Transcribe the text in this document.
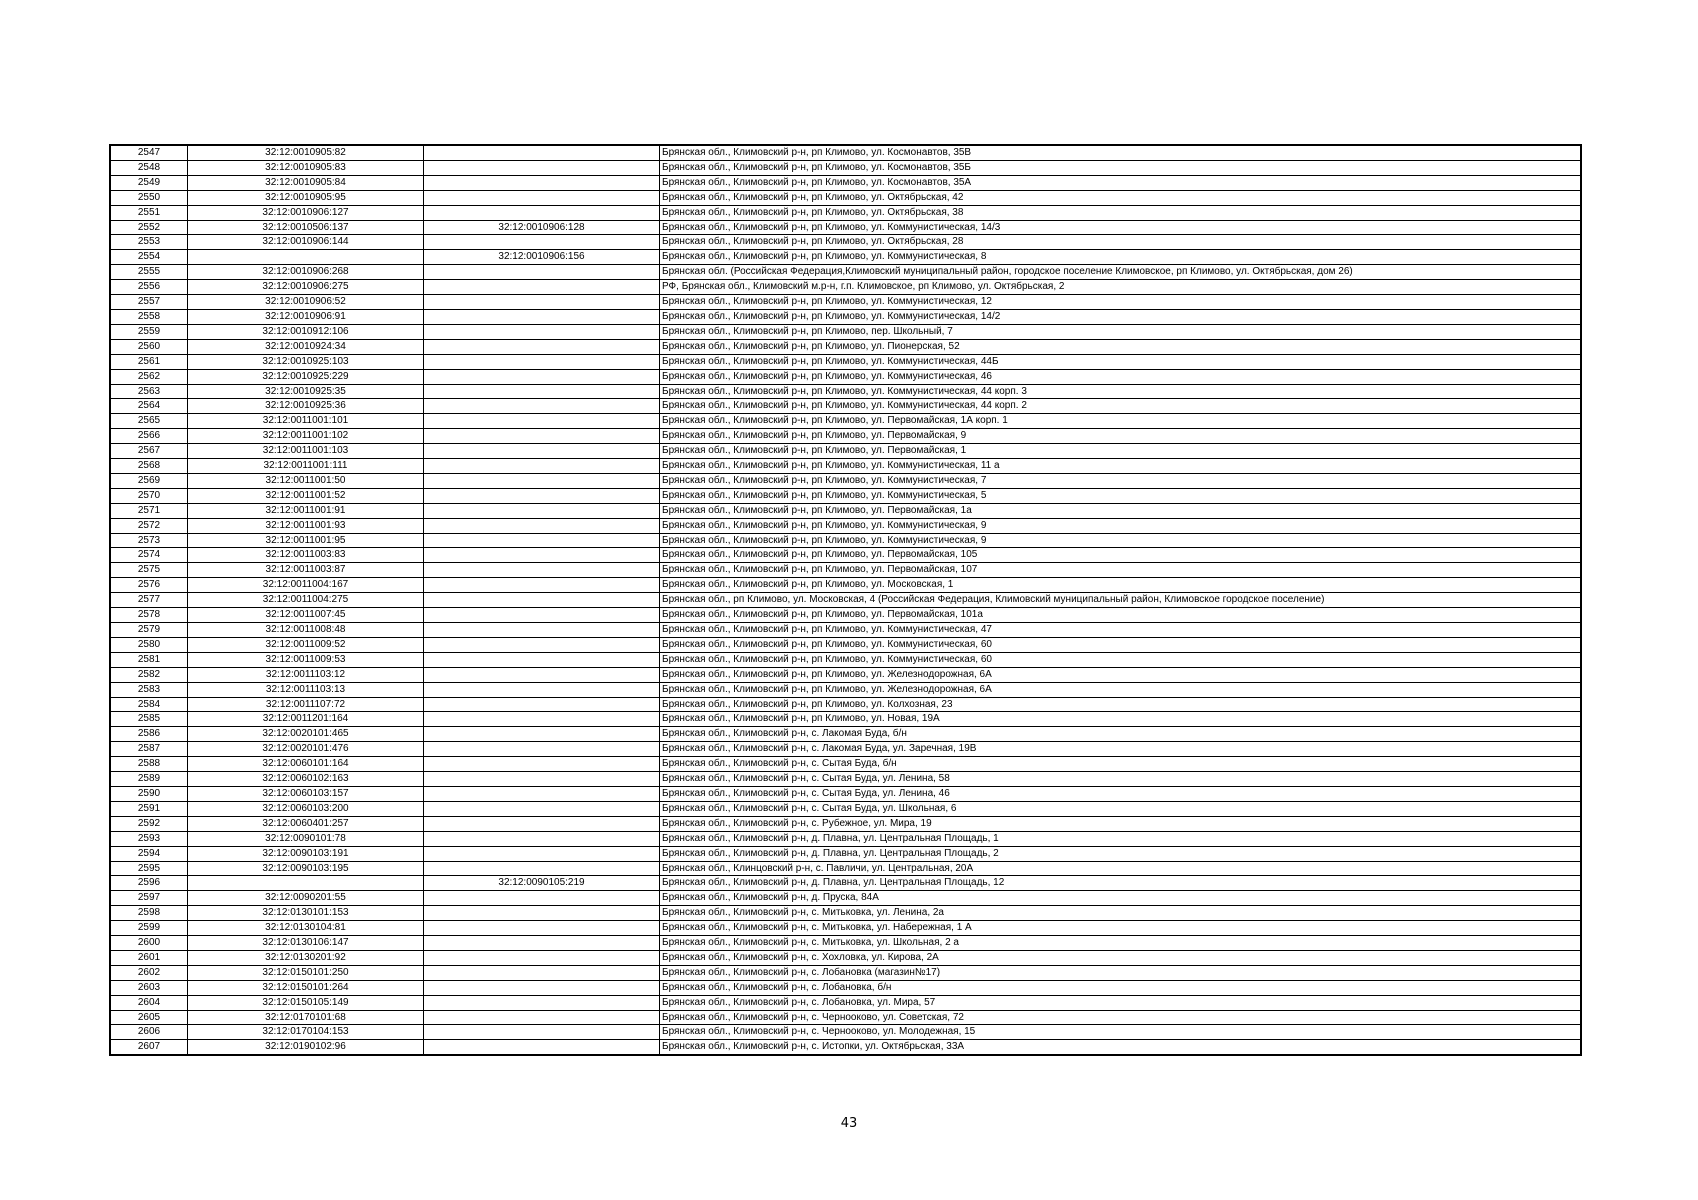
2547	32:12:0010905:82		Брянская обл., Климовский р-н, рп Климово, ул. Космонавтов, 35В
2548	32:12:0010905:83		Брянская обл., Климовский р-н, рп Климово, ул. Космонавтов, 35Б
2549	32:12:0010905:84		Брянская обл., Климовский р-н, рп Климово, ул. Космонавтов, 35А
2550	32:12:0010905:95		Брянская обл., Климовский р-н, рп Климово, ул. Октябрьская, 42
2551	32:12:0010906:127		Брянская обл., Климовский р-н, рп Климово, ул. Октябрьская, 38
2552	32:12:0010506:137	32:12:0010906:128	Брянская обл., Климовский р-н, рп Климово, ул. Коммунистическая, 14/3
2553	32:12:0010906:144		Брянская обл., Климовский р-н, рп Климово, ул. Октябрьская, 28
2554		32:12:0010906:156	Брянская обл., Климовский р-н, рп Климово, ул. Коммунистическая, 8
2555	32:12:0010906:268		Брянская обл. (Российская Федерация,Климовский муниципальный район, городское поселение Климовское, рп Климово, ул. Октябрьская, дом 26)
2556	32:12:0010906:275		РФ, Брянская обл., Климовский м.р-н, г.п. Климовское, рп Климово, ул. Октябрьская, 2
2557	32:12:0010906:52		Брянская обл., Климовский р-н, рп Климово, ул. Коммунистическая, 12
2558	32:12:0010906:91		Брянская обл., Климовский р-н, рп Климово, ул. Коммунистическая, 14/2
2559	32:12:0010912:106		Брянская обл., Климовский р-н, рп Климово, пер. Школьный, 7
2560	32:12:0010924:34		Брянская обл., Климовский р-н, рп Климово, ул. Пионерская, 52
2561	32:12:0010925:103		Брянская обл., Климовский р-н, рп Климово, ул. Коммунистическая, 44Б
2562	32:12:0010925:229		Брянская обл., Климовский р-н, рп Климово, ул. Коммунистическая, 46
2563	32:12:0010925:35		Брянская обл., Климовский р-н, рп Климово, ул. Коммунистическая, 44 корп. 3
2564	32:12:0010925:36		Брянская обл., Климовский р-н, рп Климово, ул. Коммунистическая, 44 корп. 2
2565	32:12:0011001:101		Брянская обл., Климовский р-н, рп Климово, ул. Первомайская, 1А корп. 1
2566	32:12:0011001:102		Брянская обл., Климовский р-н, рп Климово, ул. Первомайская, 9
2567	32:12:0011001:103		Брянская обл., Климовский р-н, рп Климово, ул. Первомайская, 1
2568	32:12:0011001:111		Брянская обл., Климовский р-н, рп Климово, ул. Коммунистическая, 11 а
2569	32:12:0011001:50		Брянская обл., Климовский р-н, рп Климово, ул. Коммунистическая, 7
2570	32:12:0011001:52		Брянская обл., Климовский р-н, рп Климово, ул. Коммунистическая, 5
2571	32:12:0011001:91		Брянская обл., Климовский р-н, рп Климово, ул. Первомайская, 1а
2572	32:12:0011001:93		Брянская обл., Климовский р-н, рп Климово, ул. Коммунистическая, 9
2573	32:12:0011001:95		Брянская обл., Климовский р-н, рп Климово, ул. Коммунистическая, 9
2574	32:12:0011003:83		Брянская обл., Климовский р-н, рп Климово, ул. Первомайская, 105
2575	32:12:0011003:87		Брянская обл., Климовский р-н, рп Климово, ул. Первомайская, 107
2576	32:12:0011004:167		Брянская обл., Климовский р-н, рп Климово, ул. Московская, 1
2577	32:12:0011004:275		Брянская обл., рп Климово, ул. Московская, 4 (Российская Федерация, Климовский муниципальный район, Климовское городское поселение)
2578	32:12:0011007:45		Брянская обл., Климовский р-н, рп Климово, ул. Первомайская, 101а
2579	32:12:0011008:48		Брянская обл., Климовский р-н, рп Климово, ул. Коммунистическая, 47
2580	32:12:0011009:52		Брянская обл., Климовский р-н, рп Климово, ул. Коммунистическая, 60
2581	32:12:0011009:53		Брянская обл., Климовский р-н, рп Климово, ул. Коммунистическая, 60
2582	32:12:0011103:12		Брянская обл., Климовский р-н, рп Климово, ул. Железнодорожная, 6А
2583	32:12:0011103:13		Брянская обл., Климовский р-н, рп Климово, ул. Железнодорожная, 6А
2584	32:12:0011107:72		Брянская обл., Климовский р-н, рп Климово, ул. Колхозная, 23
2585	32:12:0011201:164		Брянская обл., Климовский р-н, рп Климово, ул. Новая, 19А
2586	32:12:0020101:465		Брянская обл., Климовский р-н, с. Лакомая Буда, б/н
2587	32:12:0020101:476		Брянская обл., Климовский р-н, с. Лакомая Буда, ул. Заречная, 19В
2588	32:12:0060101:164		Брянская обл., Климовский р-н, с. Сытая Буда, б/н
2589	32:12:0060102:163		Брянская обл., Климовский р-н, с. Сытая Буда, ул. Ленина, 58
2590	32:12:0060103:157		Брянская обл., Климовский р-н, с. Сытая Буда, ул. Ленина, 46
2591	32:12:0060103:200		Брянская обл., Климовский р-н, с. Сытая Буда, ул. Школьная, 6
2592	32:12:0060401:257		Брянская обл., Климовский р-н, с. Рубежное, ул. Мира, 19
2593	32:12:0090101:78		Брянская обл., Климовский р-н, д. Плавна, ул. Центральная Площадь, 1
2594	32:12:0090103:191		Брянская обл., Климовский р-н, д. Плавна, ул. Центральная Площадь, 2
2595	32:12:0090103:195		Брянская обл., Клинцовский р-н, с. Павличи, ул. Центральная, 20А
2596		32:12:0090105:219	Брянская обл., Климовский р-н, д. Плавна, ул. Центральная Площадь, 12
2597	32:12:0090201:55		Брянская обл., Климовский р-н, д. Пруска, 84А
2598	32:12:0130101:153		Брянская обл., Климовский р-н, с. Митьковка, ул. Ленина, 2а
2599	32:12:0130104:81		Брянская обл., Климовский р-н, с. Митьковка, ул. Набережная, 1 А
2600	32:12:0130106:147		Брянская обл., Климовский р-н, с. Митьковка, ул. Школьная, 2 а
2601	32:12:0130201:92		Брянская обл., Климовский р-н, с. Хохловка, ул. Кирова, 2А
2602	32:12:0150101:250		Брянская обл., Климовский р-н, с. Лобановка (магазин№17)
2603	32:12:0150101:264		Брянская обл., Климовский р-н, с. Лобановка, б/н
2604	32:12:0150105:149		Брянская обл., Климовский р-н, с. Лобановка, ул. Мира, 57
2605	32:12:0170101:68		Брянская обл., Климовский р-н, с. Чернооково, ул. Советская, 72
2606	32:12:0170104:153		Брянская обл., Климовский р-н, с. Чернооково, ул. Молодежная, 15
2607	32:12:0190102:96		Брянская обл., Климовский р-н, с. Истопки, ул. Октябрьская, 33А
43
